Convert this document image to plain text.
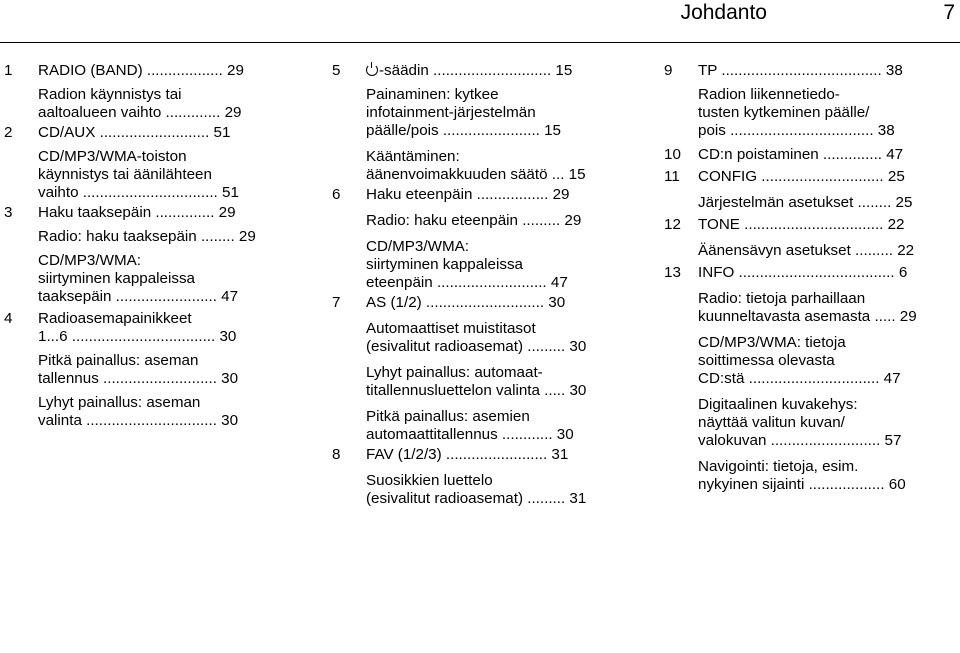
Johdanto	7
1	RADIO (BAND) .................. 29
Radion käynnistys tai
aaltoalueen vaihto ............. 29
2	CD/AUX .......................... 51
CD/MP3/WMA-toiston
käynnistys tai äänilähteen
vaihto ................................ 51
3	Haku taaksepäin .............. 29
Radio: haku taaksepäin ........ 29
CD/MP3/WMA:
siirtyminen kappaleissa
taaksepäin ........................ 47
4	Radioasemapainikkeet
1...6 .................................. 30
Pitkä painallus: aseman
tallennus ........................... 30
Lyhyt painallus: aseman
valinta ............................... 30
5	-säädin ............................ 15
Painaminen: kytkee
infotainment-järjestelmän
päälle/pois ....................... 15
Kääntäminen:
äänenvoimakkuuden säätö ... 15
6	Haku eteenpäin ................. 29
Radio: haku eteenpäin ......... 29
CD/MP3/WMA:
siirtyminen kappaleissa
eteenpäin .......................... 47
7	AS (1/2) ............................ 30
Automaattiset muistitasot
(esivalitut radioasemat) ......... 30
Lyhyt painallus: automaat-
titallennusluettelon valinta ..... 30
Pitkä painallus: asemien
automaattitallennus ............ 30
8	FAV (1/2/3) ........................ 31
Suosikkien luettelo
(esivalitut radioasemat) ......... 31
9	TP ...................................... 38
Radion liikennetiedo-
tusten kytkeminen päälle/
pois .................................. 38
10	CD:n poistaminen .............. 47
11	CONFIG ............................. 25
Järjestelmän asetukset ........ 25
12	TONE ................................. 22
Äänensävyn asetukset ......... 22
13	INFO ..................................... 6
Radio: tietoja parhaillaan
kuunneltavasta asemasta ..... 29
CD/MP3/WMA: tietoja
soittimessa olevasta
CD:stä ............................... 47
Digitaalinen kuvakehys:
näyttää valitun kuvan/
valokuvan .......................... 57
Navigointi: tietoja, esim.
nykyinen sijainti .................. 60
